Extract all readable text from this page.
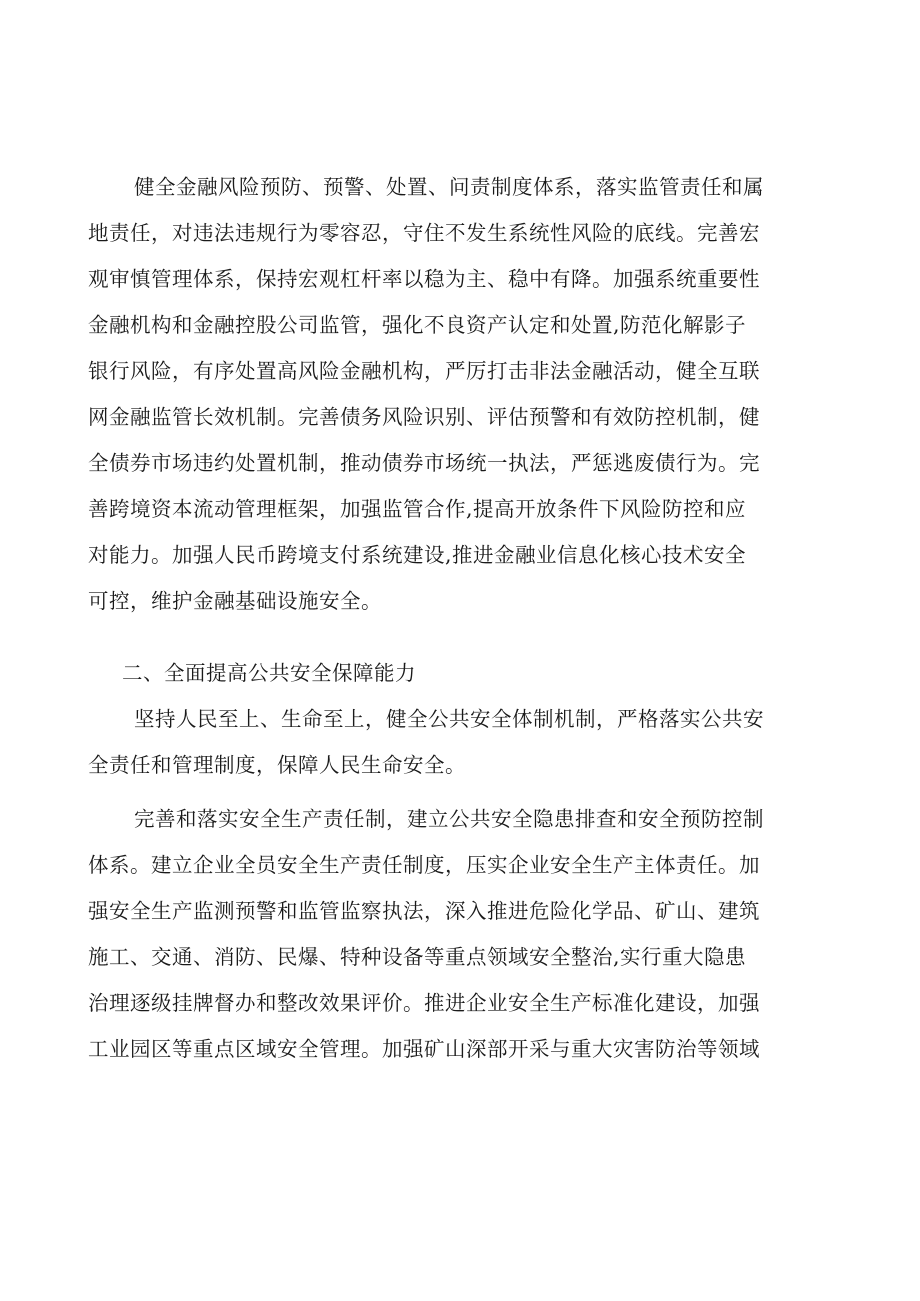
健全金融风险预防、预警、处置、问责制度体系，落实监管责任和属
地责任，对违法违规行为零容忍，守住不发生系统性风险的底线。完善宏
观审慎管理体系，保持宏观杠杆率以稳为主、稳中有降。加强系统重要性
金融机构和金融控股公司监管，强化不良资产认定和处置,防范化解影子
银行风险，有序处置高风险金融机构，严厉打击非法金融活动，健全互联
网金融监管长效机制。完善债务风险识别、评估预警和有效防控机制，健
全债券市场违约处置机制，推动债券市场统一执法，严惩逃废债行为。完
善跨境资本流动管理框架，加强监管合作,提高开放条件下风险防控和应
对能力。加强人民币跨境支付系统建设,推进金融业信息化核心技术安全
可控，维护金融基础设施安全。

二、全面提高公共安全保障能力

坚持人民至上、生命至上，健全公共安全体制机制，严格落实公共安
全责任和管理制度，保障人民生命安全。

完善和落实安全生产责任制，建立公共安全隐患排查和安全预防控制
体系。建立企业全员安全生产责任制度，压实企业安全生产主体责任。加
强安全生产监测预警和监管监察执法，深入推进危险化学品、矿山、建筑
施工、交通、消防、民爆、特种设备等重点领域安全整治,实行重大隐患
治理逐级挂牌督办和整改效果评价。推进企业安全生产标准化建设，加强
工业园区等重点区域安全管理。加强矿山深部开采与重大灾害防治等领域
